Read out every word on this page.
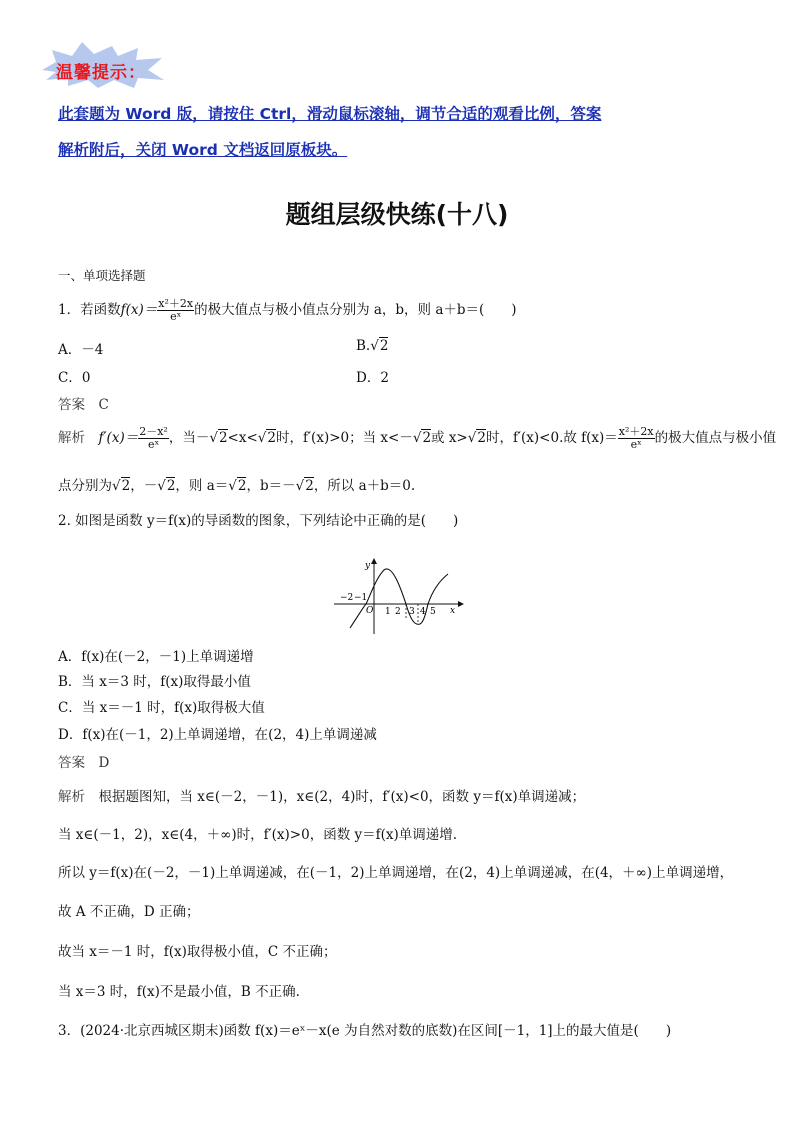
温馨提示：
此套题为 Word 版，请按住 Ctrl，滑动鼠标滚轴，调节合适的观看比例，答案
解析附后，关闭 Word 文档返回原板块。
题组层级快练(十八)
一、单项选择题
1．若函数$f(x)= \frac{\text{x²＋2x}}{\text{eˣ}}$ 的极大值点与极小值点分别为 a，b，则 a＋b＝(　　)
A．－4	B.√2
C．0	D．2
答案　 C
解析　 $f'(x)= \frac{\text{2－x²}}{\text{eˣ}}$ ，当－√2<x<√2时，f′(x)>0；当 x<－√2或 x>√2时，f′(x)<0.故 $f(x)= \frac{\text{x²＋2x}}{\text{eˣ}}$ 的极大值点与极小值
点分别为√2，－√2，则 a＝√2，b＝－√2，所以 a＋b＝0.
2. 如图是函数 y＝f(x)的导函数的图象，下列结论中正确的是(　　)
y
x
O
−2 −1
1 2 3 4 5
A．f(x)在(－2，－1)上单调递增
B．当 x＝3 时，f(x)取得最小值
C．当 x＝－1 时，f(x)取得极大值
D．f(x)在(－1，2)上单调递增，在(2，4)上单调递减
答案　 D
解析　 根据题图知，当 x∈(－2，－1)，x∈(2，4)时，f′(x)<0，函数 y＝f(x)单调递减；
当 x∈(－1，2)，x∈(4，＋∞)时，f′(x)>0，函数 y＝f(x)单调递增.
所以 y＝f(x)在(－2，－1)上单调递减，在(－1，2)上单调递增，在(2，4)上单调递减，在(4，＋∞)上单调递增，
故 A 不正确，D 正确；
故当 x＝－1 时，f(x)取得极小值，C 不正确；
当 x＝3 时，f(x)不是最小值，B 不正确.
3．(2024·北京西城区期末)函数 f(x)＝eˣ－x(e 为自然对数的底数)在区间[－1，1]上的最大值是(　　)
